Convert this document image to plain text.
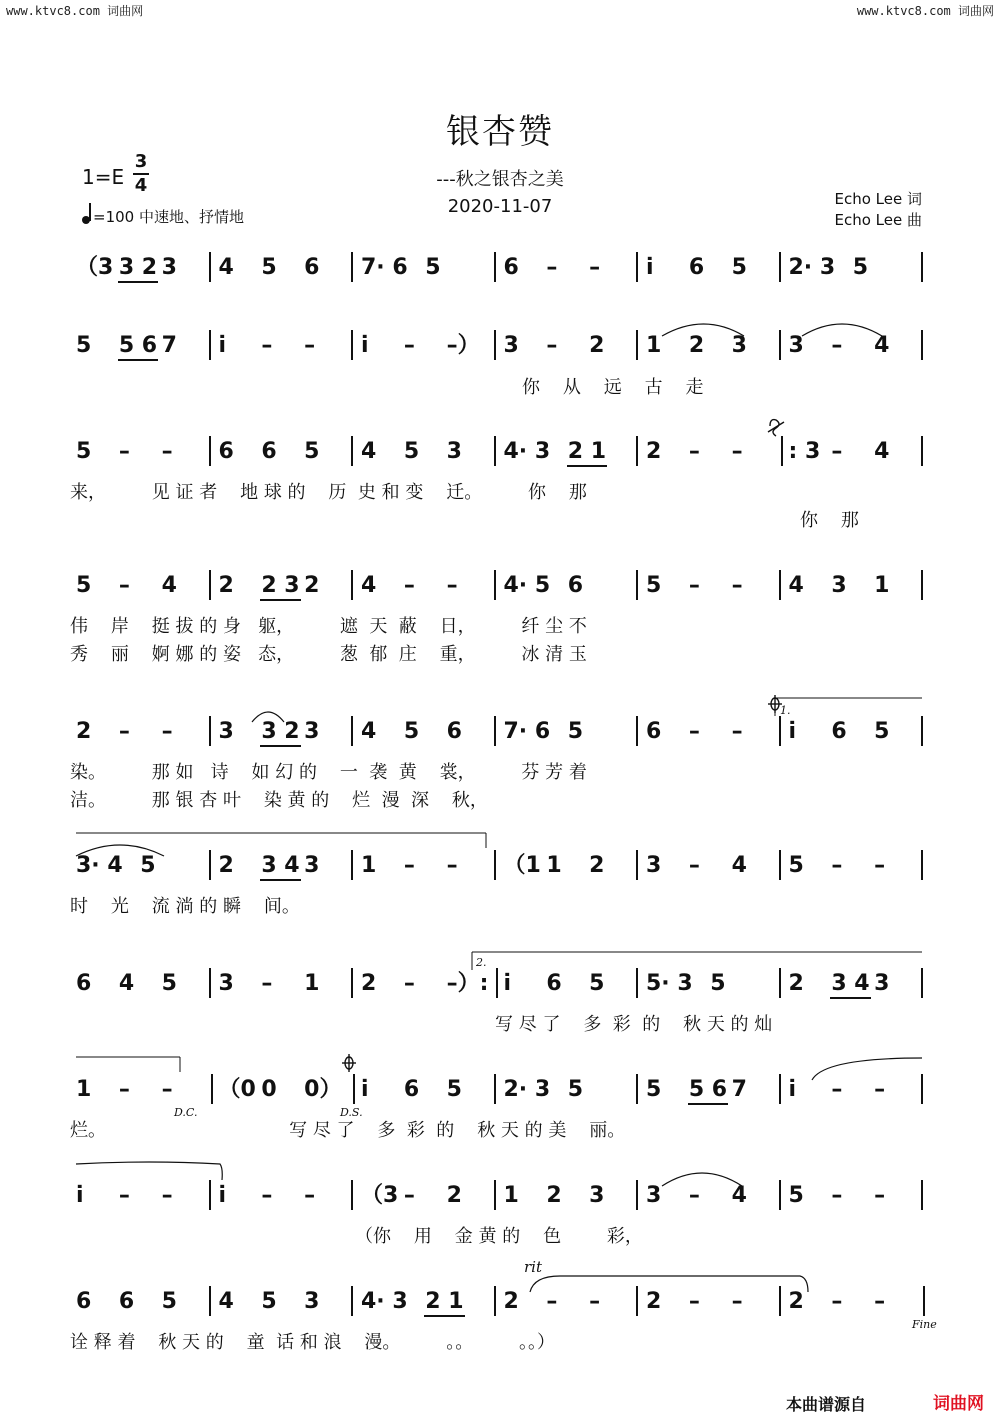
www.ktvc8.com 词曲网	www.ktvc8.com 词曲网
银杏赞
---秋之银杏之美
2020-11-07
1=E
3
4
=100 中速地、抒情地
Echo Lee 词
Echo Lee 曲
（3 3 2 3 4 5 6 7· 6 5	6 – – i̇ 6 5 2· 3 5
5 5 6 7 i̇ – – i̇ – –） 3 – 2 1 2 3 3 – 4
5 – – 6 6 5 4 5 3 4· 3 2 1 2 – – : 3 – 4
5 – 4 2 2 3 2 4 – – 4· 5 6	5 – – 4 3 1
2 – – 3 3 2 3 4 5 6 7· 6 5	6 – – i̇ 6 5
3· 4 5	2 3 4 3 1 – – （1 1 2 3 – 4 5 – –
6 4 5 3 – 1 2 – –）: i̇ 6 5 5· 3 5	2 3 4 3
1 – – （0 0 0） i̇ 6 5 2· 3 5	5 5 6 7 i̇ – –
i̇ – – i̇ – – （3 – 2 1 2 3 3 – 4 5 – –
6 6 5 4 5 3 4· 3 2 1 2 – – 2 – – 2 – –
你    从    远    古    走
来，        见 证 者    地 球 的    历  史 和 变    迁。        你    那
你    那
伟    岸    挺 拔 的 身   躯，        遮  天  蔽    日，        纤 尘 不
秀    丽    婀 娜 的 姿   态，        葱  郁  庄    重，        冰 清 玉
染。        那 如   诗    如 幻 的    一  袭  黄    裳，        芬 芳 着
洁。        那 银 杏 叶    染 黄 的    烂  漫  深    秋，
时    光    流 淌 的 瞬    间。
写 尽 了    多  彩  的    秋 天 的 灿
烂。                                写 尽 了    多  彩  的    秋 天 的 美    丽。
（你    用    金 黄 的    色        彩，
诠 释 着    秋 天 的    童  话 和 浪    漫。        。。        。。）
D.C.	D.S.
Fine
rit
1.
2.
本曲谱源自	词曲网
